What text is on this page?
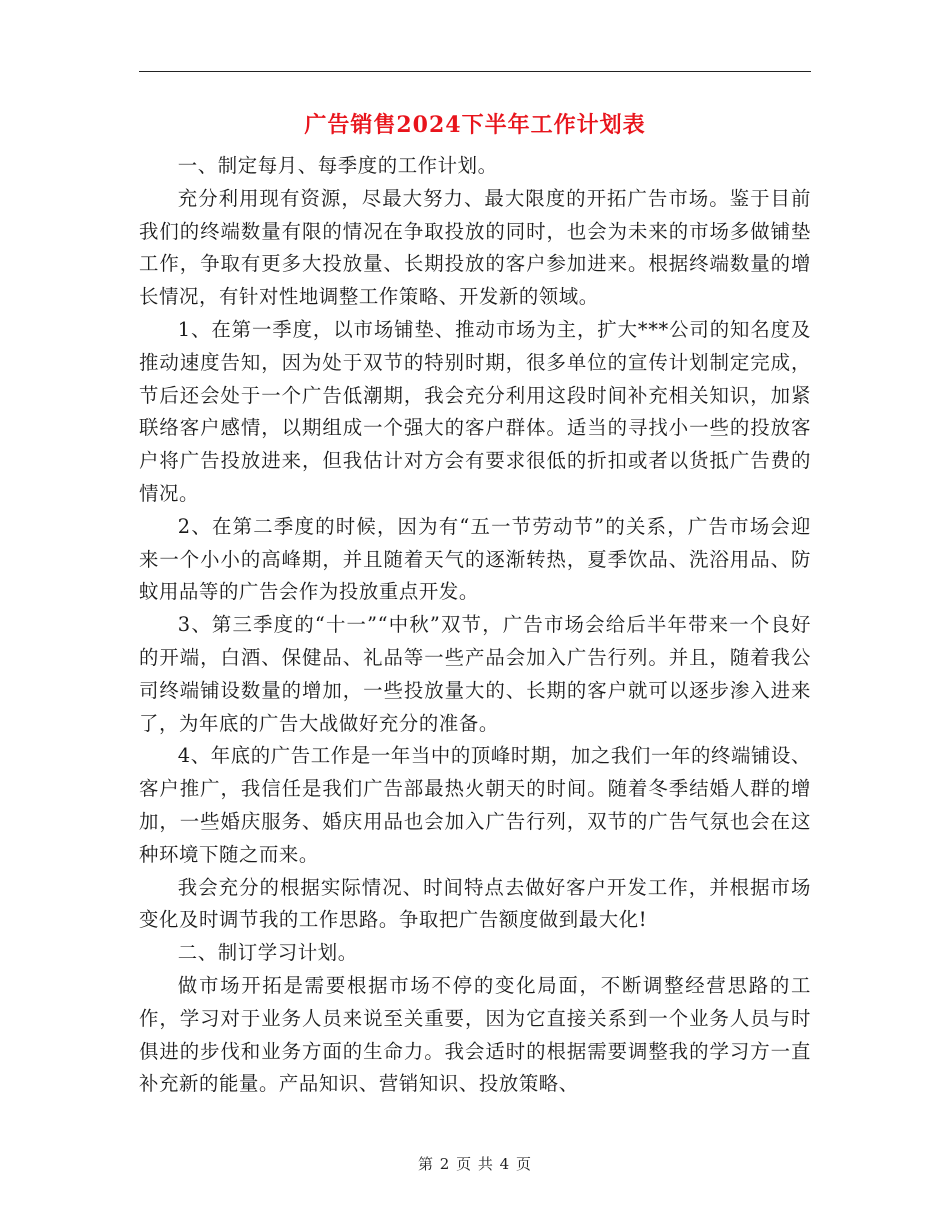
广告销售2024下半年工作计划表

一、制定每月、每季度的工作计划。

充分利用现有资源，尽最大努力、最大限度的开拓广告市场。鉴于目前我们的终端数量有限的情况在争取投放的同时，也会为未来的市场多做铺垫工作，争取有更多大投放量、长期投放的客户参加进来。根据终端数量的增长情况，有针对性地调整工作策略、开发新的领域。

1、在第一季度，以市场铺垫、推动市场为主，扩大***公司的知名度及推动速度告知，因为处于双节的特别时期，很多单位的宣传计划制定完成，节后还会处于一个广告低潮期，我会充分利用这段时间补充相关知识，加紧联络客户感情，以期组成一个强大的客户群体。适当的寻找小一些的投放客户将广告投放进来，但我估计对方会有要求很低的折扣或者以货抵广告费的情况。

2、在第二季度的时候，因为有“五一节劳动节”的关系，广告市场会迎来一个小小的高峰期，并且随着天气的逐渐转热，夏季饮品、洗浴用品、防蚊用品等的广告会作为投放重点开发。

3、第三季度的“十一”“中秋”双节，广告市场会给后半年带来一个良好的开端，白酒、保健品、礼品等一些产品会加入广告行列。并且，随着我公司终端铺设数量的增加，一些投放量大的、长期的客户就可以逐步渗入进来了，为年底的广告大战做好充分的准备。

4、年底的广告工作是一年当中的顶峰时期，加之我们一年的终端铺设、客户推广，我信任是我们广告部最热火朝天的时间。随着冬季结婚人群的增加，一些婚庆服务、婚庆用品也会加入广告行列，双节的广告气氛也会在这种环境下随之而来。

我会充分的根据实际情况、时间特点去做好客户开发工作，并根据市场变化及时调节我的工作思路。争取把广告额度做到最大化!

二、制订学习计划。

做市场开拓是需要根据市场不停的变化局面，不断调整经营思路的工作，学习对于业务人员来说至关重要，因为它直接关系到一个业务人员与时俱进的步伐和业务方面的生命力。我会适时的根据需要调整我的学习方一直补充新的能量。产品知识、营销知识、投放策略、

第 2 页 共 4 页
